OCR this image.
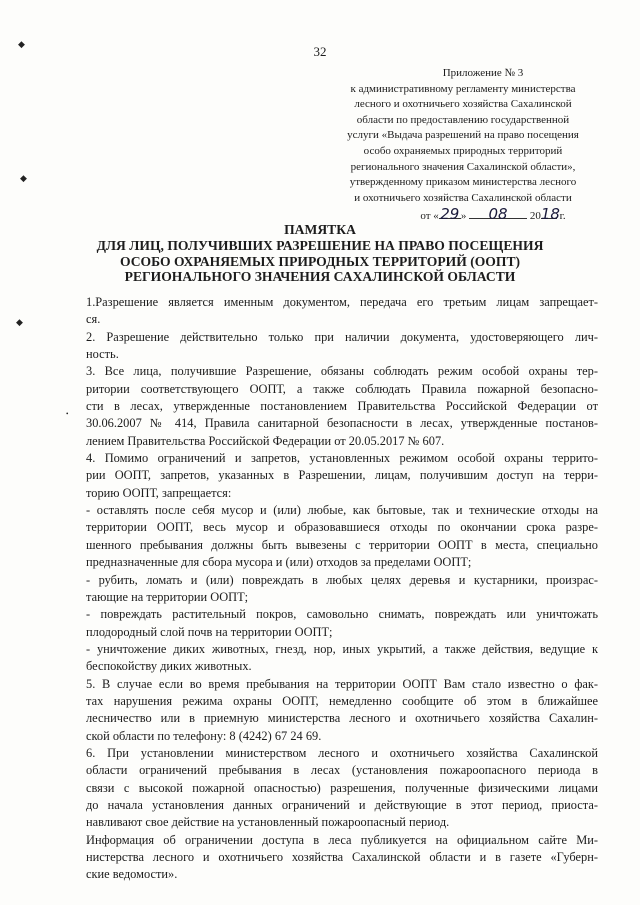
◆
◆
◆
•
32
Приложение № 3
к административному регламенту министерства
лесного и охотничьего хозяйства Сахалинской
области по предоставлению государственной
услуги «Выдача разрешений на право посещения
особо охраняемых природных территорий
регионального значения Сахалинской области»,
утвержденному приказом министерства лесного
и охотничьего хозяйства Сахалинской области
от «29» 08 2018 г.
ПАМЯТКА
ДЛЯ ЛИЦ, ПОЛУЧИВШИХ РАЗРЕШЕНИЕ НА ПРАВО ПОСЕЩЕНИЯ
ОСОБО ОХРАНЯЕМЫХ ПРИРОДНЫХ ТЕРРИТОРИЙ (ООПТ)
РЕГИОНАЛЬНОГО ЗНАЧЕНИЯ САХАЛИНСКОЙ ОБЛАСТИ
1.Разрешение является именным документом, передача его третьим лицам запрещает-
ся.
2. Разрешение действительно только при наличии документа, удостоверяющего лич-
ность.
3. Все лица, получившие Разрешение, обязаны соблюдать режим особой охраны тер-
ритории соответствующего ООПТ, а также соблюдать Правила пожарной безопасно-
сти в лесах, утвержденные постановлением Правительства Российской Федерации от
30.06.2007 № 414, Правила санитарной безопасности в лесах, утвержденные постанов-
лением Правительства Российской Федерации от 20.05.2017 № 607.
4. Помимо ограничений и запретов, установленных режимом особой охраны террито-
рии ООПТ, запретов, указанных в Разрешении, лицам, получившим доступ на терри-
торию ООПТ, запрещается:
- оставлять после себя мусор и (или) любые, как бытовые, так и технические отходы на
территории ООПТ, весь мусор и образовавшиеся отходы по окончании срока разре-
шенного пребывания должны быть вывезены с территории ООПТ в места, специально
предназначенные для сбора мусора и (или) отходов за пределами ООПТ;
- рубить, ломать и (или) повреждать в любых целях деревья и кустарники, произрас-
тающие на территории ООПТ;
- повреждать растительный покров, самовольно снимать, повреждать или уничтожать
плодородный слой почв на территории ООПТ;
- уничтожение диких животных, гнезд, нор, иных укрытий, а тaкже действия, ведущие к
беспокойству диких животных.
5. В случае если во время пребывания на территории ООПТ Вам стало известно о фак-
тах нарушения режима охраны ООПТ, немедленно сообщите об этом в ближайшее
лесничество или в приемную министерства лесного и охотничьего хозяйства Сахалин-
ской области по телефону: 8 (4242) 67 24 69.
6. При установлении министерством лесного и охотничьего хозяйства Сахалинской
области ограничений пребывания в лесах (установления пожароопасного периода в
связи с высокой пожарной опасностью) разрешения, полученные физическими лицами
до начала установления данных ограничений и действующие в этот период, приоста-
навливают свое действие на установленный пожароопасный период.
Информация об ограничении доступа в леса публикуется на официальном сайте Ми-
нистерства лесного и охотничьего хозяйства Сахалинской области и в газете «Губерн-
ские ведомости».
